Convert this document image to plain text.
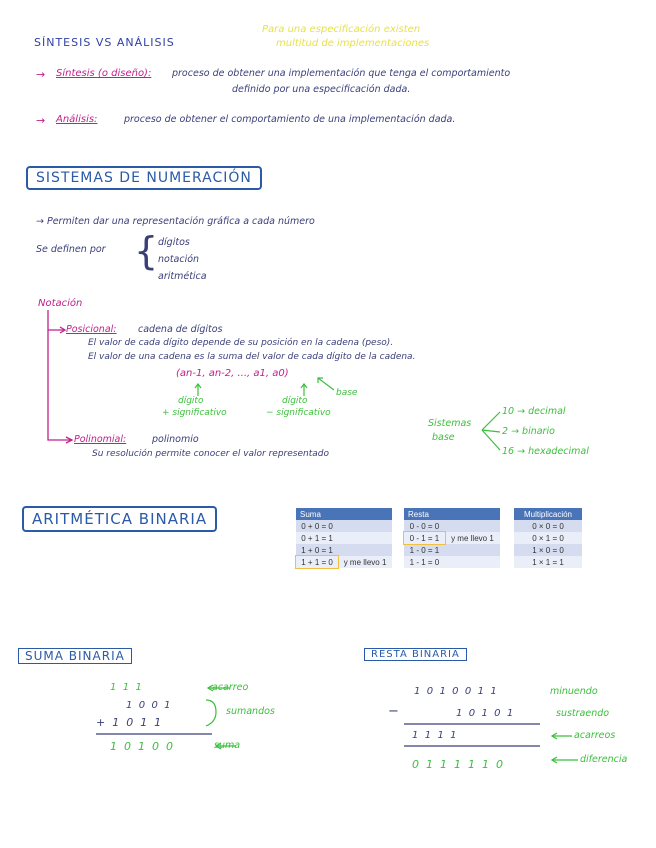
SÍNTESIS VS ANÁLISIS
Para una especificación existen
multitud de implementaciones
→ Síntesis (o diseño): proceso de obtener una implementación que tenga el comportamiento
definido por una especificación dada.
→ Análisis:	proceso de obtener el comportamiento de una implementación dada.
SISTEMAS DE NUMERACIÓN
→ Permiten dar una representación gráfica a cada número
Se definen por { dígitos
notación
aritmética
Notación
Posicional: cadena de dígitos
El valor de cada dígito depende de su posición en la cadena (peso).
El valor de una cadena es la suma del valor de cada dígito de la cadena.
(an-1, an-2, ..., a1, a0)
base
dígito
+ significativo
dígito
− significativo
Polinomial:	polinomio
Su resolución permite conocer el valor representado
Sistemas
base
10 → decimal
2 → binario
16 → hexadecimal
ARITMÉTICA BINARIA	Suma	
0 + 0 = 0	
0 + 1 = 1	
1 + 0 = 1	
1 + 1 = 0	y me llevo 1
Resta	
0 - 0 = 0	
0 - 1 = 1	y me llevo 1
1 - 0 = 1	
1 - 1 = 0	
Multiplicación
0 × 0 = 0
0 × 1 = 0
1 × 0 = 0
1 × 1 = 1
SUMA BINARIA
1  1  1	acarreo
1  0  0  1
+  1  0  1  1
sumandos
1  0  1  0  0	suma
RESTA BINARIA
1  0  1  0  0  1  1	minuendo
−	1  0  1  0  1	sustraendo
1  1  1  1	acarreos
0  1  1  1  1  1  0	diferencia
